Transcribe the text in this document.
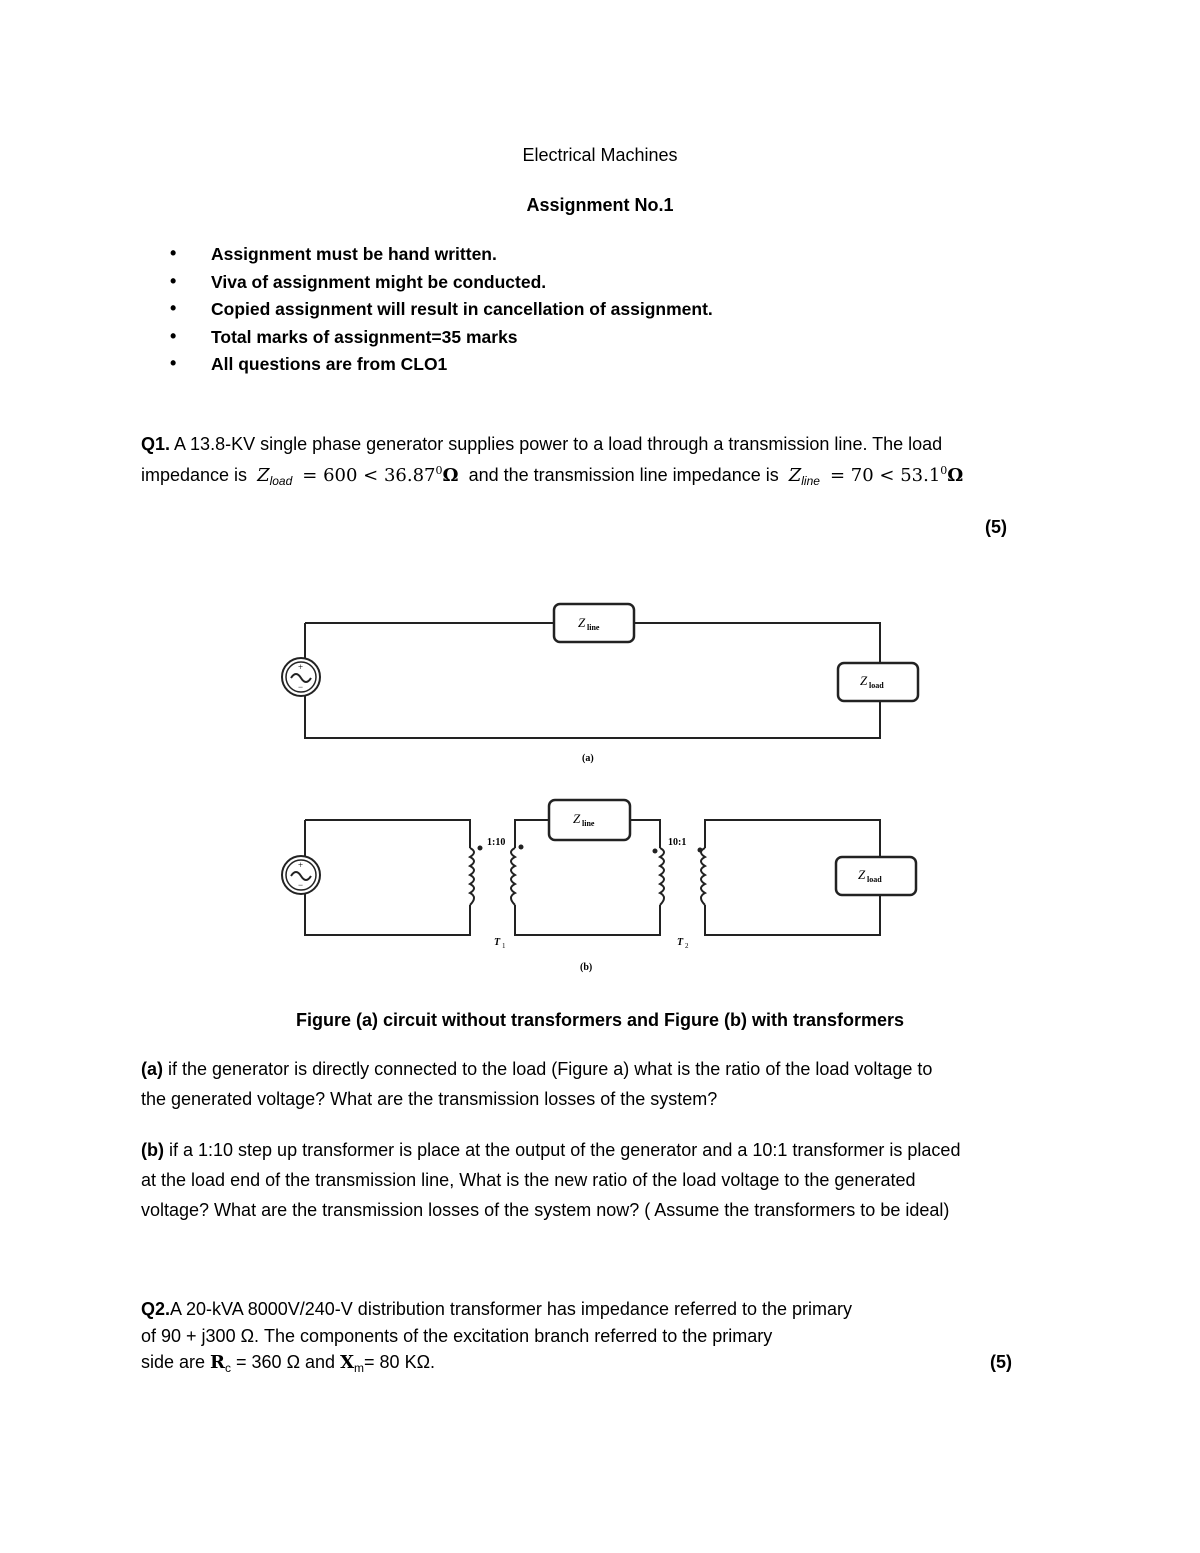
Electrical Machines
Assignment No.1
• Assignment must be hand written.
• Viva of assignment might be conducted.
• Copied assignment will result in cancellation of assignment.
• Total marks of assignment=35 marks
• All questions are from CLO1
Q1. A 13.8-KV single phase generator supplies power to a load through a transmission line. The load
impedance is $Z_{load} = 600 < 36.87^0\Omega$ and the transmission line impedance is $Z_{line} = 70 < 53.1^0\Omega$
(5)
+
−
Z line
Z load
(a)
+
−
1:10
T 1
Z line
10:1
T 2
Z load
(b)
Figure (a) circuit without transformers and Figure (b) with transformers
(a) if the generator is directly connected to the load (Figure a) what is the ratio of the load voltage to
the generated voltage? What are the transmission losses of the system?
(b) if a 1:10 step up transformer is place at the output of the generator and a 10:1 transformer is placed
at the load end of the transmission line, What is the new ratio of the load voltage to the generated
voltage? What are the transmission losses of the system now? ( Assume the transformers to be ideal)
Q2.A 20-kVA 8000V/240-V distribution transformer has impedance referred to the primary
of 90 + j300 Ω. The components of the excitation branch referred to the primary
side are $R_c = 360$ Ω and $X_m= 80$ KΩ.	(5)
